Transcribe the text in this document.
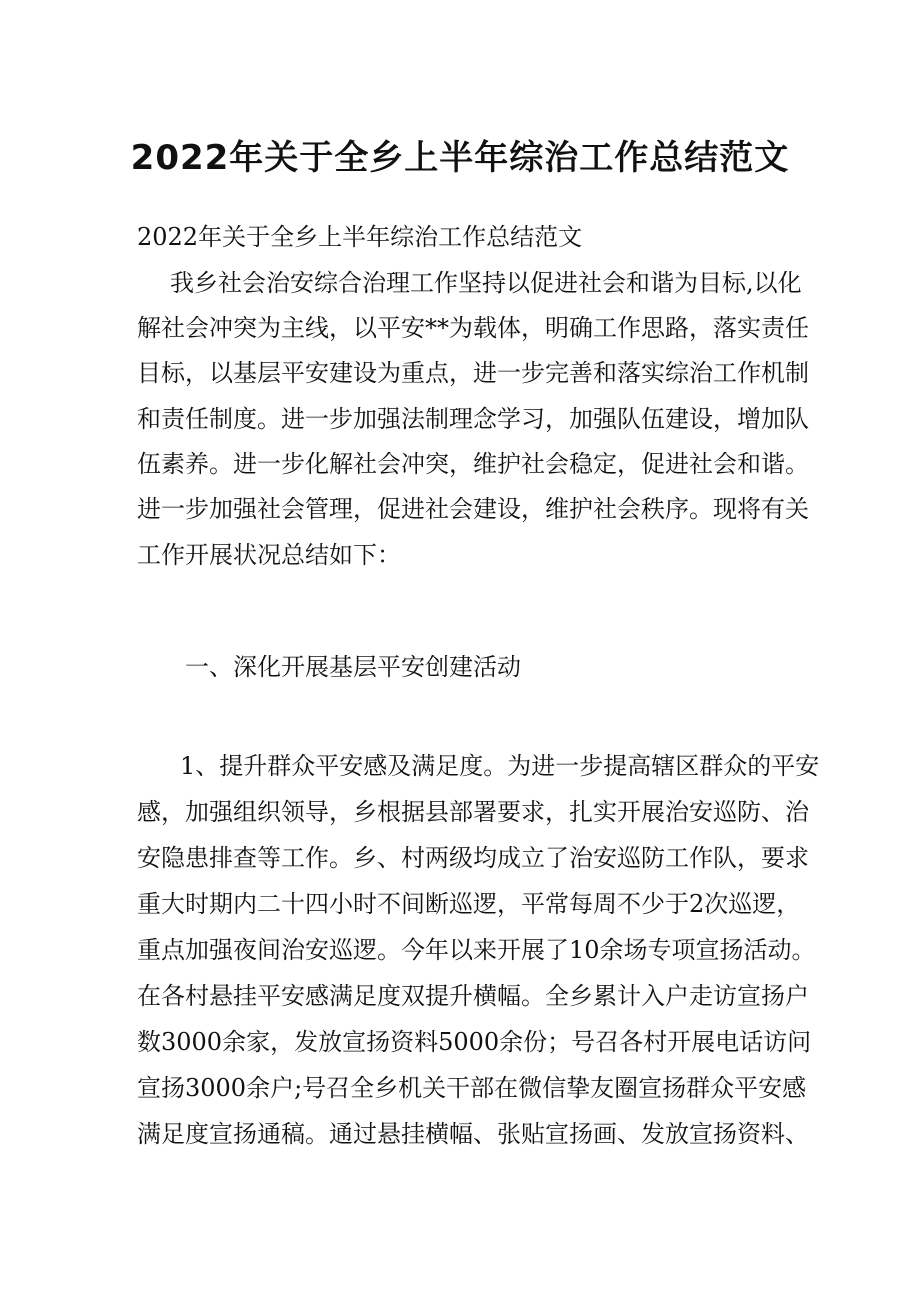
2022年关于全乡上半年综治工作总结范文
2022年关于全乡上半年综治工作总结范文
我乡社会治安综合治理工作坚持以促进社会和谐为目标,以化
解社会冲突为主线，以平安**为载体，明确工作思路，落实责任
目标，以基层平安建设为重点，进一步完善和落实综治工作机制
和责任制度。进一步加强法制理念学习，加强队伍建设，增加队
伍素养。进一步化解社会冲突，维护社会稳定，促进社会和谐。
进一步加强社会管理，促进社会建设，维护社会秩序。现将有关
工作开展状况总结如下：
一、深化开展基层平安创建活动
1、提升群众平安感及满足度。为进一步提高辖区群众的平安
感，加强组织领导，乡根据县部署要求，扎实开展治安巡防、治
安隐患排查等工作。乡、村两级均成立了治安巡防工作队，要求
重大时期内二十四小时不间断巡逻，平常每周不少于2次巡逻，
重点加强夜间治安巡逻。今年以来开展了10余场专项宣扬活动。
在各村悬挂平安感满足度双提升横幅。全乡累计入户走访宣扬户
数3000余家，发放宣扬资料5000余份；号召各村开展电话访问
宣扬3000余户;号召全乡机关干部在微信挚友圈宣扬群众平安感
满足度宣扬通稿。通过悬挂横幅、张贴宣扬画、发放宣扬资料、
